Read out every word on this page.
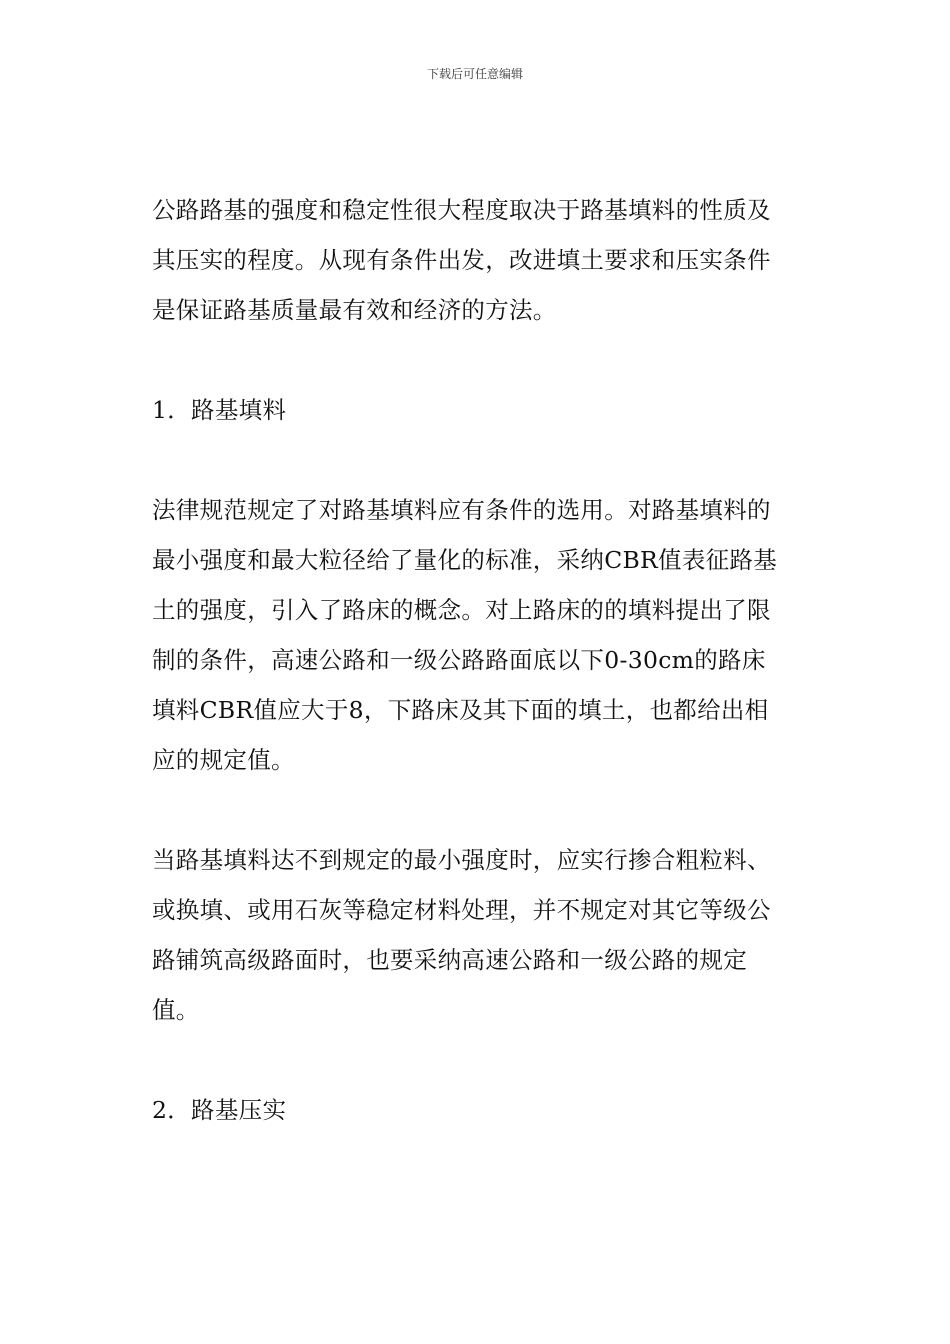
下载后可任意编辑

公路路基的强度和稳定性很大程度取决于路基填料的性质及
其压实的程度。从现有条件出发，改进填土要求和压实条件
是保证路基质量最有效和经济的方法。

1．路基填料

法律规范规定了对路基填料应有条件的选用。对路基填料的
最小强度和最大粒径给了量化的标准，采纳CBR值表征路基
土的强度，引入了路床的概念。对上路床的的填料提出了限
制的条件，高速公路和一级公路路面底以下0-30cm的路床
填料CBR值应大于8，下路床及其下面的填土，也都给出相
应的规定值。

当路基填料达不到规定的最小强度时，应实行掺合粗粒料、
或换填、或用石灰等稳定材料处理，并不规定对其它等级公
路铺筑高级路面时，也要采纳高速公路和一级公路的规定
值。

2．路基压实
